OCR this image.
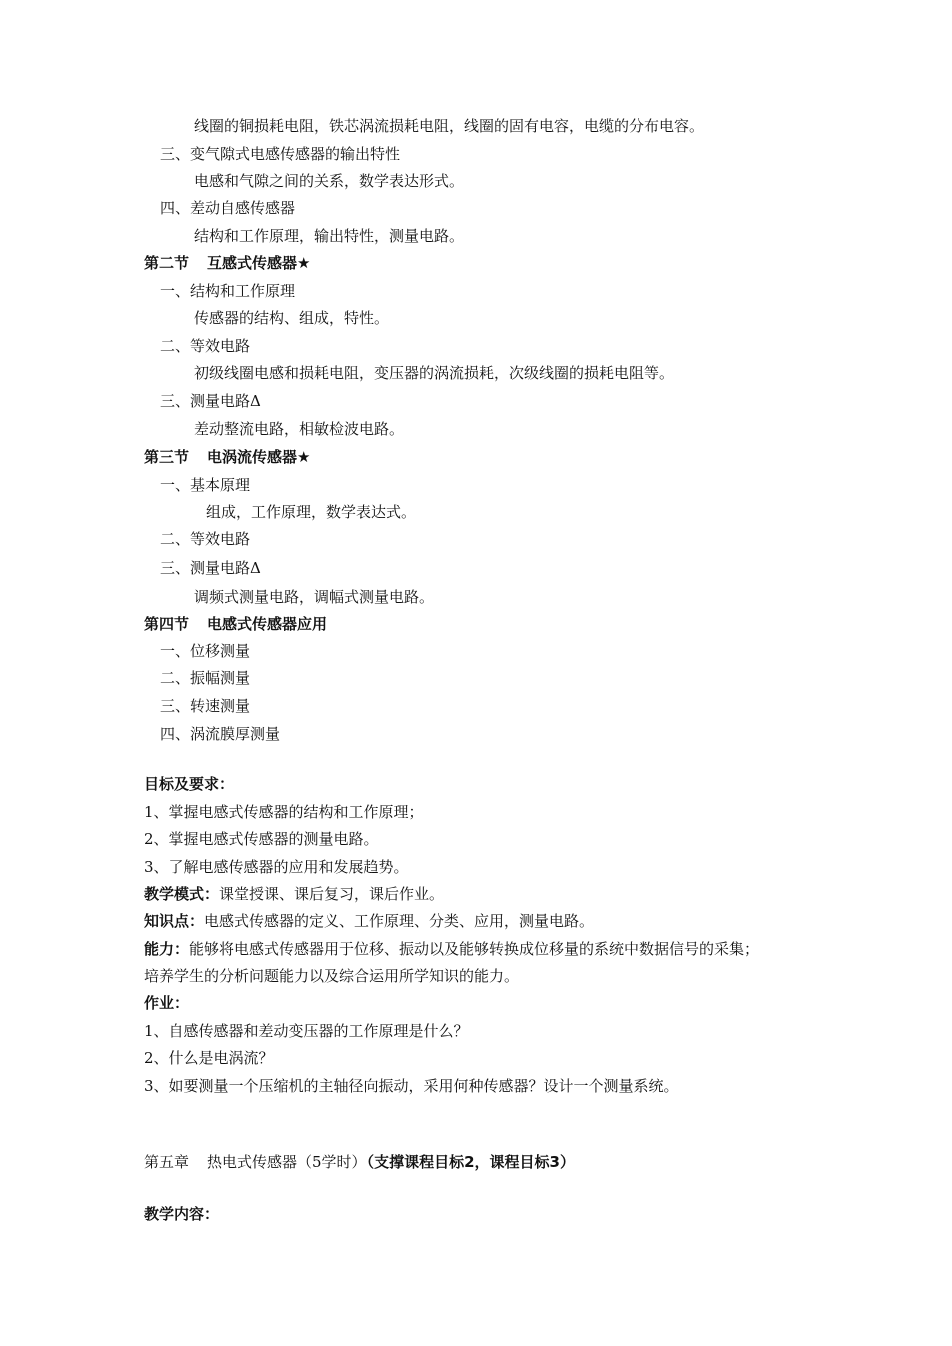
线圈的铜损耗电阻，铁芯涡流损耗电阻，线圈的固有电容，电缆的分布电容。
三、变气隙式电感传感器的输出特性
电感和气隙之间的关系，数学表达形式。
四、差动自感传感器
结构和工作原理，输出特性，测量电路。
第二节 互感式传感器★
一、结构和工作原理
传感器的结构、组成，特性。
二、等效电路
初级线圈电感和损耗电阻，变压器的涡流损耗，次级线圈的损耗电阻等。
三、测量电路Δ
差动整流电路，相敏检波电路。
第三节 电涡流传感器★
一、基本原理
组成，工作原理，数学表达式。
二、等效电路
三、测量电路Δ
调频式测量电路，调幅式测量电路。
第四节 电感式传感器应用
一、位移测量
二、振幅测量
三、转速测量
四、涡流膜厚测量
目标及要求：
1、掌握电感式传感器的结构和工作原理；
2、掌握电感式传感器的测量电路。
3、了解电感传感器的应用和发展趋势。
教学模式：课堂授课、课后复习，课后作业。
知识点：电感式传感器的定义、工作原理、分类、应用，测量电路。
能力：能够将电感式传感器用于位移、振动以及能够转换成位移量的系统中数据信号的采集；
培养学生的分析问题能力以及综合运用所学知识的能力。
作业：
1、自感传感器和差动变压器的工作原理是什么？
2、什么是电涡流？
3、如要测量一个压缩机的主轴径向振动，采用何种传感器？设计一个测量系统。
第五章 热电式传感器（5学时）（支撑课程目标2，课程目标3）
教学内容：
